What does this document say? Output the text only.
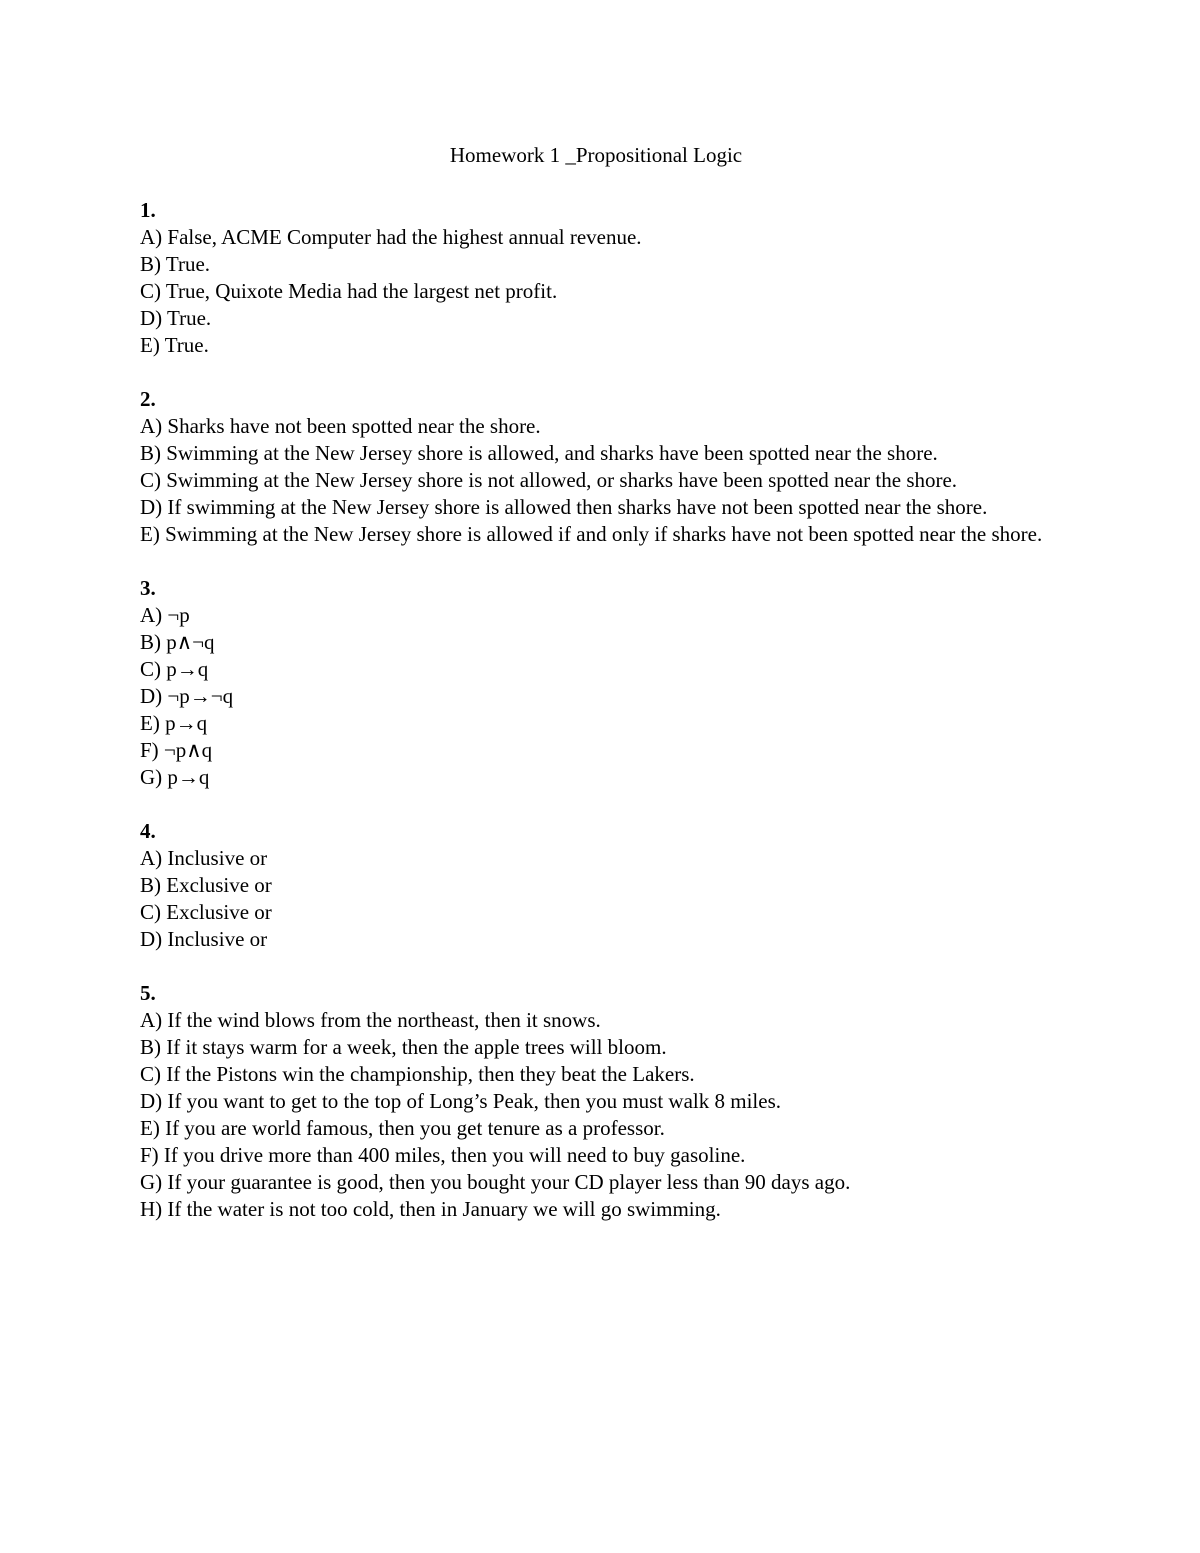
Homework 1 _Propositional Logic

1.

A) False, ACME Computer had the highest annual revenue.

B) True.

C) True, Quixote Media had the largest net profit.

D) True.

E) True.

2.

A) Sharks have not been spotted near the shore.

B) Swimming at the New Jersey shore is allowed, and sharks have been spotted near the shore.

C) Swimming at the New Jersey shore is not allowed, or sharks have been spotted near the shore.

D) If swimming at the New Jersey shore is allowed then sharks have not been spotted near the shore.

E) Swimming at the New Jersey shore is allowed if and only if sharks have not been spotted near the shore.

3.

A) ¬p

B) p∧¬q

C) p→q

D) ¬p→¬q

E) p→q

F) ¬p∧q

G) p→q

4.

A) Inclusive or

B) Exclusive or

C) Exclusive or

D) Inclusive or

5.

A) If the wind blows from the northeast, then it snows.

B) If it stays warm for a week, then the apple trees will bloom.

C) If the Pistons win the championship, then they beat the Lakers.

D) If you want to get to the top of Long’s Peak, then you must walk 8 miles.

E) If you are world famous, then you get tenure as a professor.

F) If you drive more than 400 miles, then you will need to buy gasoline.

G) If your guarantee is good, then you bought your CD player less than 90 days ago.

H) If the water is not too cold, then in January we will go swimming.
